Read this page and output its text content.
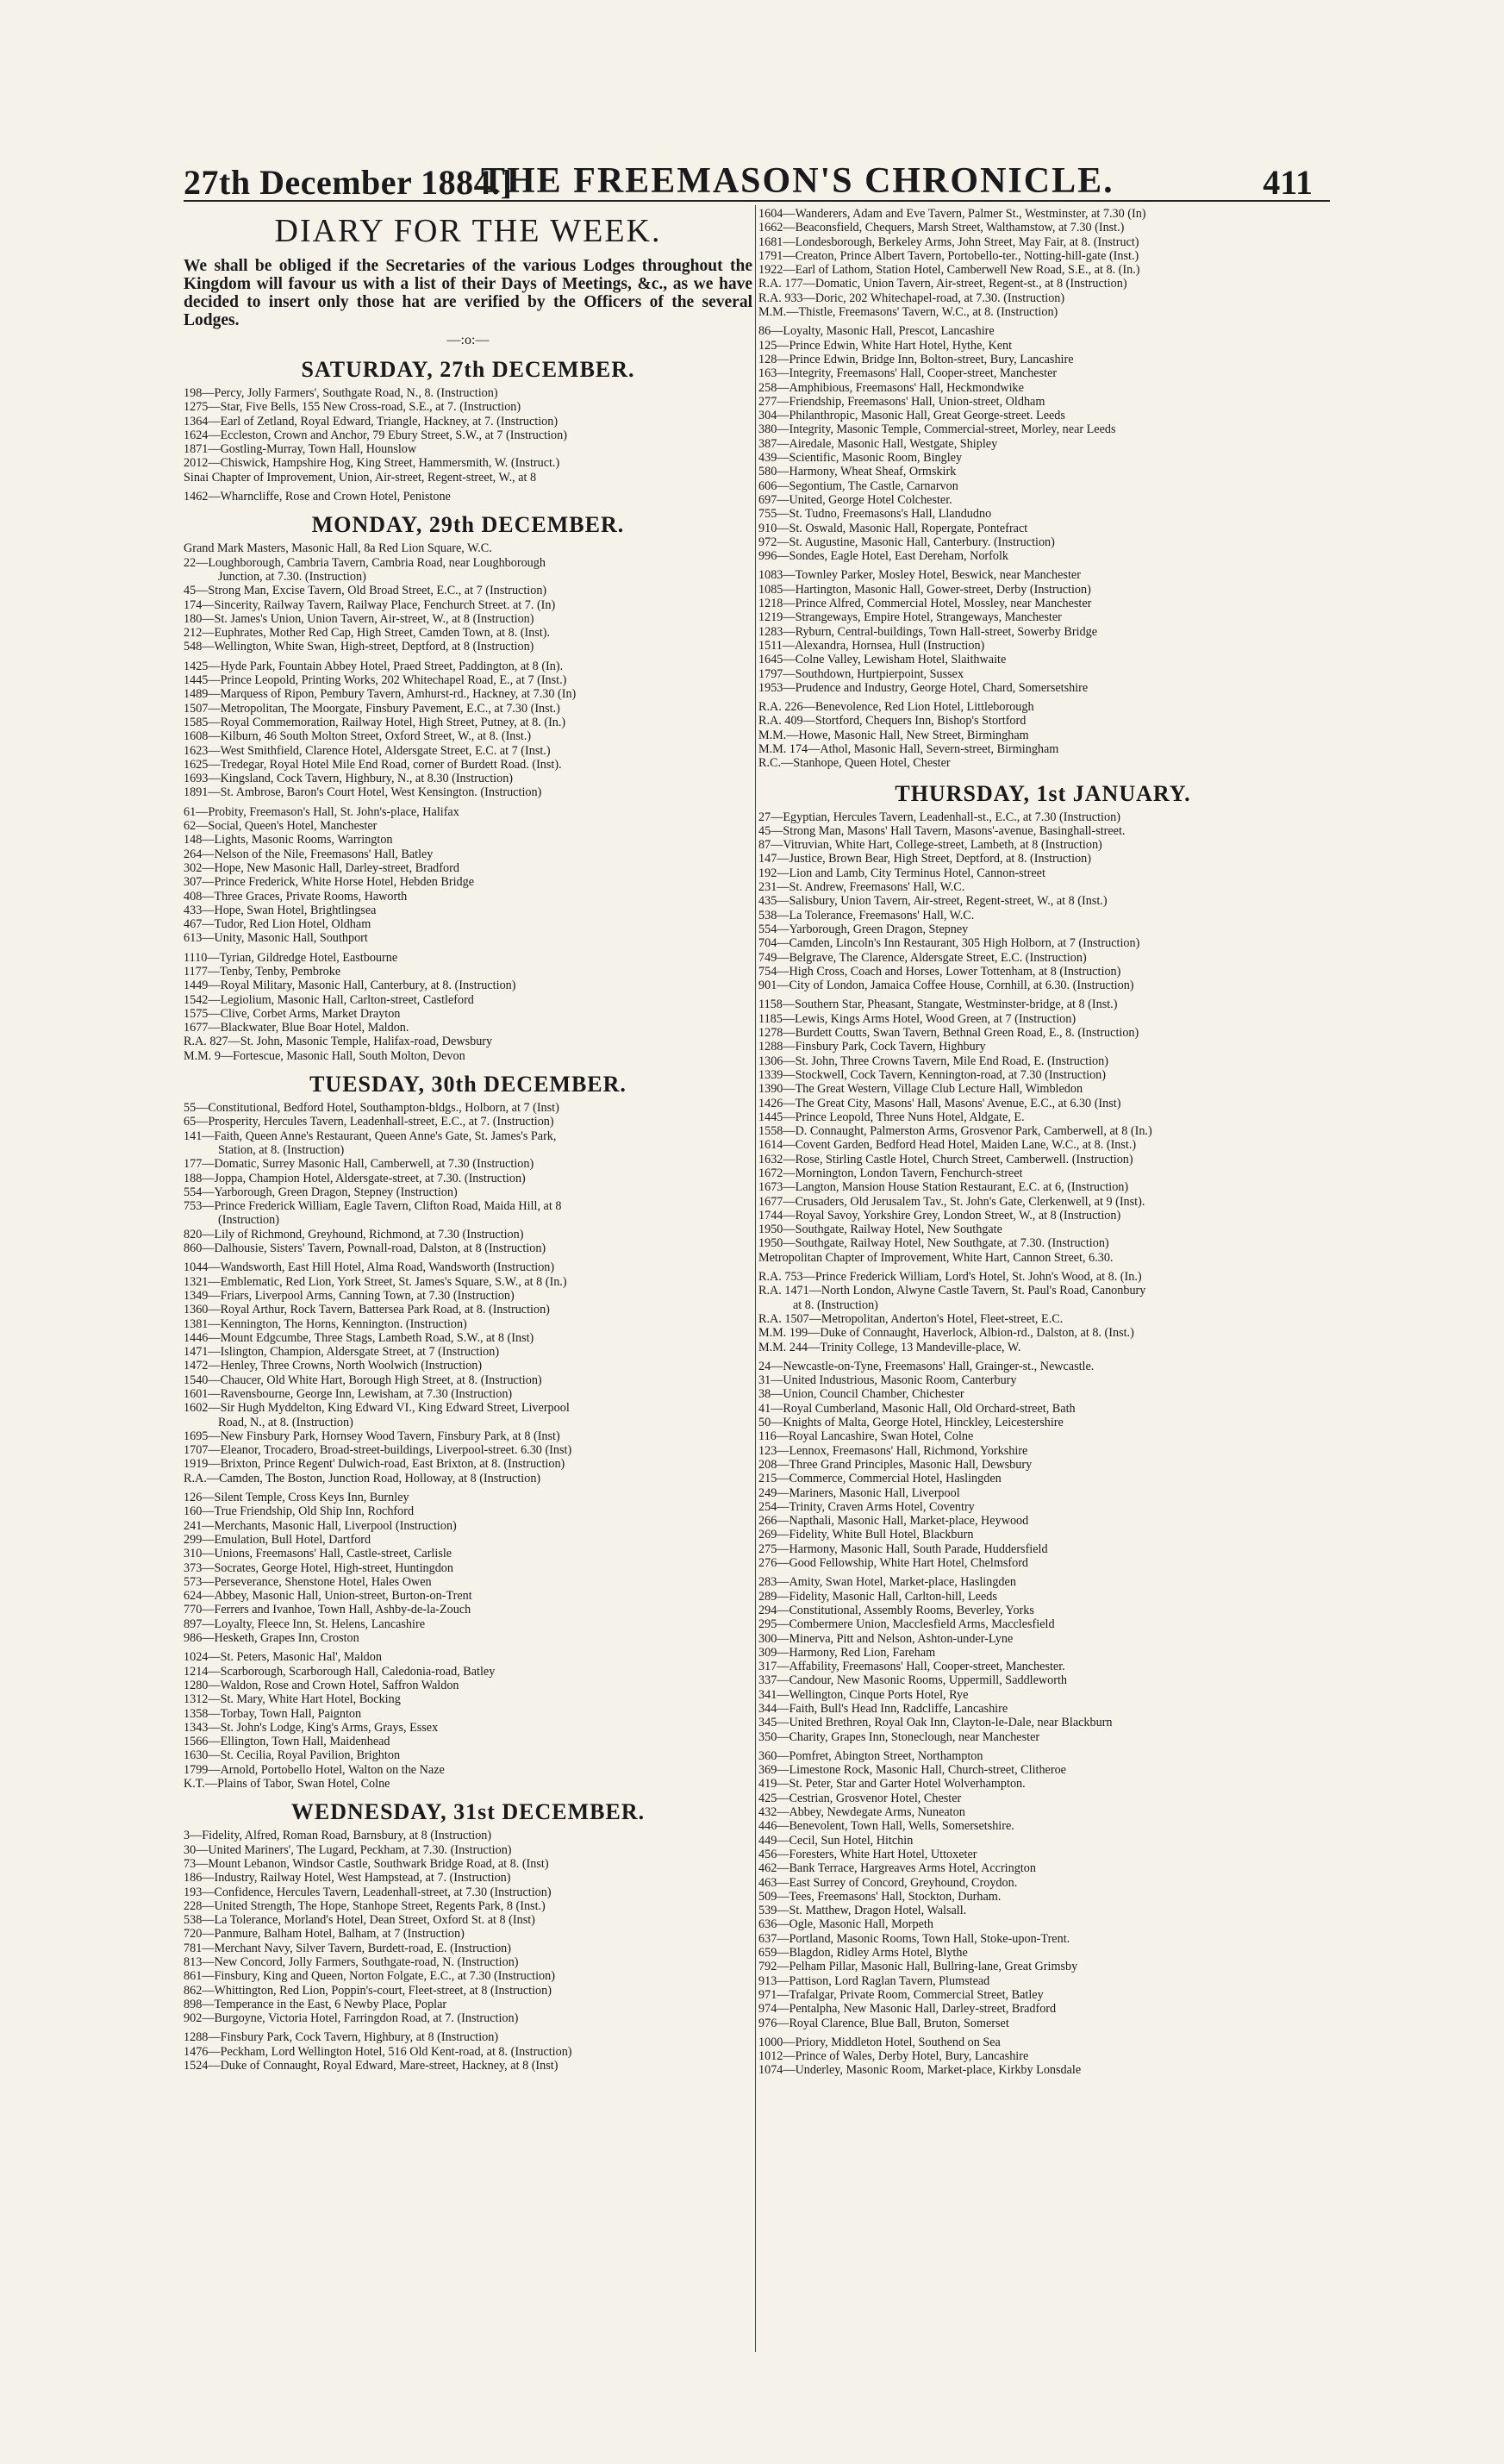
27th December 1884.]
THE FREEMASON'S CHRONICLE.	411
DIARY FOR THE WEEK.

We shall be obliged if the Secretaries of the various Lodges throughout the Kingdom will favour us with a list of their Days of Meetings, &c., as we have decided to insert only those hat are verified by the Officers of the several Lodges.

—:o:—
SATURDAY, 27th DECEMBER.
198—Percy, Jolly Farmers', Southgate Road, N., 8. (Instruction)
1275—Star, Five Bells, 155 New Cross-road, S.E., at 7. (Instruction)
1364—Earl of Zetland, Royal Edward, Triangle, Hackney, at 7. (Instruction)
1624—Eccleston, Crown and Anchor, 79 Ebury Street, S.W., at 7 (Instruction)
1871—Gostling-Murray, Town Hall, Hounslow
2012—Chiswick, Hampshire Hog, King Street, Hammersmith, W. (Instruct.)
Sinai Chapter of Improvement, Union, Air-street, Regent-street, W., at 8
1462—Wharncliffe, Rose and Crown Hotel, Penistone
MONDAY, 29th DECEMBER.
Grand Mark Masters, Masonic Hall, 8a Red Lion Square, W.C.
22—Loughborough, Cambria Tavern, Cambria Road, near Loughborough
Junction, at 7.30. (Instruction)
45—Strong Man, Excise Tavern, Old Broad Street, E.C., at 7 (Instruction)
174—Sincerity, Railway Tavern, Railway Place, Fenchurch Street. at 7. (In)
180—St. James's Union, Union Tavern, Air-street, W., at 8 (Instruction)
212—Euphrates, Mother Red Cap, High Street, Camden Town, at 8. (Inst).
548—Wellington, White Swan, High-street, Deptford, at 8 (Instruction)
1425—Hyde Park, Fountain Abbey Hotel, Praed Street, Paddington, at 8 (In).
1445—Prince Leopold, Printing Works, 202 Whitechapel Road, E., at 7 (Inst.)
1489—Marquess of Ripon, Pembury Tavern, Amhurst-rd., Hackney, at 7.30 (In)
1507—Metropolitan, The Moorgate, Finsbury Pavement, E.C., at 7.30 (Inst.)
1585—Royal Commemoration, Railway Hotel, High Street, Putney, at 8. (In.)
1608—Kilburn, 46 South Molton Street, Oxford Street, W., at 8. (Inst.)
1623—West Smithfield, Clarence Hotel, Aldersgate Street, E.C. at 7 (Inst.)
1625—Tredegar, Royal Hotel Mile End Road, corner of Burdett Road. (Inst).
1693—Kingsland, Cock Tavern, Highbury, N., at 8.30 (Instruction)
1891—St. Ambrose, Baron's Court Hotel, West Kensington. (Instruction)
61—Probity, Freemason's Hall, St. John's-place, Halifax
62—Social, Queen's Hotel, Manchester
148—Lights, Masonic Rooms, Warrington
264—Nelson of the Nile, Freemasons' Hall, Batley
302—Hope, New Masonic Hall, Darley-street, Bradford
307—Prince Frederick, White Horse Hotel, Hebden Bridge
408—Three Graces, Private Rooms, Haworth
433—Hope, Swan Hotel, Brightlingsea
467—Tudor, Red Lion Hotel, Oldham
613—Unity, Masonic Hall, Southport
1110—Tyrian, Gildredge Hotel, Eastbourne
1177—Tenby, Tenby, Pembroke
1449—Royal Military, Masonic Hall, Canterbury, at 8. (Instruction)
1542—Legiolium, Masonic Hall, Carlton-street, Castleford
1575—Clive, Corbet Arms, Market Drayton
1677—Blackwater, Blue Boar Hotel, Maldon.
R.A. 827—St. John, Masonic Temple, Halifax-road, Dewsbury
M.M. 9—Fortescue, Masonic Hall, South Molton, Devon
TUESDAY, 30th DECEMBER.
55—Constitutional, Bedford Hotel, Southampton-bldgs., Holborn, at 7 (Inst)
65—Prosperity, Hercules Tavern, Leadenhall-street, E.C., at 7. (Instruction)
141—Faith, Queen Anne's Restaurant, Queen Anne's Gate, St. James's Park,
Station, at 8. (Instruction)
177—Domatic, Surrey Masonic Hall, Camberwell, at 7.30 (Instruction)
188—Joppa, Champion Hotel, Aldersgate-street, at 7.30. (Instruction)
554—Yarborough, Green Dragon, Stepney (Instruction)
753—Prince Frederick William, Eagle Tavern, Clifton Road, Maida Hill, at 8
(Instruction)
820—Lily of Richmond, Greyhound, Richmond, at 7.30 (Instruction)
860—Dalhousie, Sisters' Tavern, Pownall-road, Dalston, at 8 (Instruction)
1044—Wandsworth, East Hill Hotel, Alma Road, Wandsworth (Instruction)
1321—Emblematic, Red Lion, York Street, St. James's Square, S.W., at 8 (In.)
1349—Friars, Liverpool Arms, Canning Town, at 7.30 (Instruction)
1360—Royal Arthur, Rock Tavern, Battersea Park Road, at 8. (Instruction)
1381—Kennington, The Horns, Kennington. (Instruction)
1446—Mount Edgcumbe, Three Stags, Lambeth Road, S.W., at 8 (Inst)
1471—Islington, Champion, Aldersgate Street, at 7 (Instruction)
1472—Henley, Three Crowns, North Woolwich (Instruction)
1540—Chaucer, Old White Hart, Borough High Street, at 8. (Instruction)
1601—Ravensbourne, George Inn, Lewisham, at 7.30 (Instruction)
1602—Sir Hugh Myddelton, King Edward VI., King Edward Street, Liverpool
Road, N., at 8. (Instruction)
1695—New Finsbury Park, Hornsey Wood Tavern, Finsbury Park, at 8 (Inst)
1707—Eleanor, Trocadero, Broad-street-buildings, Liverpool-street. 6.30 (Inst)
1919—Brixton, Prince Regent' Dulwich-road, East Brixton, at 8. (Instruction)
R.A.—Camden, The Boston, Junction Road, Holloway, at 8 (Instruction)
126—Silent Temple, Cross Keys Inn, Burnley
160—True Friendship, Old Ship Inn, Rochford
241—Merchants, Masonic Hall, Liverpool (Instruction)
299—Emulation, Bull Hotel, Dartford
310—Unions, Freemasons' Hall, Castle-street, Carlisle
373—Socrates, George Hotel, High-street, Huntingdon
573—Perseverance, Shenstone Hotel, Hales Owen
624—Abbey, Masonic Hall, Union-street, Burton-on-Trent
770—Ferrers and Ivanhoe, Town Hall, Ashby-de-la-Zouch
897—Loyalty, Fleece Inn, St. Helens, Lancashire
986—Hesketh, Grapes Inn, Croston
1024—St. Peters, Masonic Hal', Maldon
1214—Scarborough, Scarborough Hall, Caledonia-road, Batley
1280—Waldon, Rose and Crown Hotel, Saffron Waldon
1312—St. Mary, White Hart Hotel, Bocking
1358—Torbay, Town Hall, Paignton
1343—St. John's Lodge, King's Arms, Grays, Essex
1566—Ellington, Town Hall, Maidenhead
1630—St. Cecilia, Royal Pavilion, Brighton
1799—Arnold, Portobello Hotel, Walton on the Naze
K.T.—Plains of Tabor, Swan Hotel, Colne
WEDNESDAY, 31st DECEMBER.
3—Fidelity, Alfred, Roman Road, Barnsbury, at 8 (Instruction)
30—United Mariners', The Lugard, Peckham, at 7.30. (Instruction)
73—Mount Lebanon, Windsor Castle, Southwark Bridge Road, at 8. (Inst)
186—Industry, Railway Hotel, West Hampstead, at 7. (Instruction)
193—Confidence, Hercules Tavern, Leadenhall-street, at 7.30 (Instruction)
228—United Strength, The Hope, Stanhope Street, Regents Park, 8 (Inst.)
538—La Tolerance, Morland's Hotel, Dean Street, Oxford St. at 8 (Inst)
720—Panmure, Balham Hotel, Balham, at 7 (Instruction)
781—Merchant Navy, Silver Tavern, Burdett-road, E. (Instruction)
813—New Concord, Jolly Farmers, Southgate-road, N. (Instruction)
861—Finsbury, King and Queen, Norton Folgate, E.C., at 7.30 (Instruction)
862—Whittington, Red Lion, Poppin's-court, Fleet-street, at 8 (Instruction)
898—Temperance in the East, 6 Newby Place, Poplar
902—Burgoyne, Victoria Hotel, Farringdon Road, at 7. (Instruction)
1288—Finsbury Park, Cock Tavern, Highbury, at 8 (Instruction)
1476—Peckham, Lord Wellington Hotel, 516 Old Kent-road, at 8. (Instruction)
1524—Duke of Connaught, Royal Edward, Mare-street, Hackney, at 8 (Inst)
1604—Wanderers, Adam and Eve Tavern, Palmer St., Westminster, at 7.30 (In)
1662—Beaconsfield, Chequers, Marsh Street, Walthamstow, at 7.30 (Inst.)
1681—Londesborough, Berkeley Arms, John Street, May Fair, at 8. (Instruct)
1791—Creaton, Prince Albert Tavern, Portobello-ter., Notting-hill-gate (Inst.)
1922—Earl of Lathom, Station Hotel, Camberwell New Road, S.E., at 8. (In.)
R.A. 177—Domatic, Union Tavern, Air-street, Regent-st., at 8 (Instruction)
R.A. 933—Doric, 202 Whitechapel-road, at 7.30. (Instruction)
M.M.—Thistle, Freemasons' Tavern, W.C., at 8. (Instruction)
86—Loyalty, Masonic Hall, Prescot, Lancashire
125—Prince Edwin, White Hart Hotel, Hythe, Kent
128—Prince Edwin, Bridge Inn, Bolton-street, Bury, Lancashire
163—Integrity, Freemasons' Hall, Cooper-street, Manchester
258—Amphibious, Freemasons' Hall, Heckmondwike
277—Friendship, Freemasons' Hall, Union-street, Oldham
304—Philanthropic, Masonic Hall, Great George-street. Leeds
380—Integrity, Masonic Temple, Commercial-street, Morley, near Leeds
387—Airedale, Masonic Hall, Westgate, Shipley
439—Scientific, Masonic Room, Bingley
580—Harmony, Wheat Sheaf, Ormskirk
606—Segontium, The Castle, Carnarvon
697—United, George Hotel Colchester.
755—St. Tudno, Freemasons's Hall, Llandudno
910—St. Oswald, Masonic Hall, Ropergate, Pontefract
972—St. Augustine, Masonic Hall, Canterbury. (Instruction)
996—Sondes, Eagle Hotel, East Dereham, Norfolk
1083—Townley Parker, Mosley Hotel, Beswick, near Manchester
1085—Hartington, Masonic Hall, Gower-street, Derby (Instruction)
1218—Prince Alfred, Commercial Hotel, Mossley, near Manchester
1219—Strangeways, Empire Hotel, Strangeways, Manchester
1283—Ryburn, Central-buildings, Town Hall-street, Sowerby Bridge
1511—Alexandra, Hornsea, Hull (Instruction)
1645—Colne Valley, Lewisham Hotel, Slaithwaite
1797—Southdown, Hurtpierpoint, Sussex
1953—Prudence and Industry, George Hotel, Chard, Somersetshire
R.A. 226—Benevolence, Red Lion Hotel, Littleborough
R.A. 409—Stortford, Chequers Inn, Bishop's Stortford
M.M.—Howe, Masonic Hall, New Street, Birmingham
M.M. 174—Athol, Masonic Hall, Severn-street, Birmingham
R.C.—Stanhope, Queen Hotel, Chester
THURSDAY, 1st JANUARY.
27—Egyptian, Hercules Tavern, Leadenhall-st., E.C., at 7.30 (Instruction)
45—Strong Man, Masons' Hall Tavern, Masons'-avenue, Basinghall-street.
87—Vitruvian, White Hart, College-street, Lambeth, at 8 (Instruction)
147—Justice, Brown Bear, High Street, Deptford, at 8. (Instruction)
192—Lion and Lamb, City Terminus Hotel, Cannon-street
231—St. Andrew, Freemasons' Hall, W.C.
435—Salisbury, Union Tavern, Air-street, Regent-street, W., at 8 (Inst.)
538—La Tolerance, Freemasons' Hall, W.C.
554—Yarborough, Green Dragon, Stepney
704—Camden, Lincoln's Inn Restaurant, 305 High Holborn, at 7 (Instruction)
749—Belgrave, The Clarence, Aldersgate Street, E.C. (Instruction)
754—High Cross, Coach and Horses, Lower Tottenham, at 8 (Instruction)
901—City of London, Jamaica Coffee House, Cornhill, at 6.30. (Instruction)
1158—Southern Star, Pheasant, Stangate, Westminster-bridge, at 8 (Inst.)
1185—Lewis, Kings Arms Hotel, Wood Green, at 7 (Instruction)
1278—Burdett Coutts, Swan Tavern, Bethnal Green Road, E., 8. (Instruction)
1288—Finsbury Park, Cock Tavern, Highbury
1306—St. John, Three Crowns Tavern, Mile End Road, E. (Instruction)
1339—Stockwell, Cock Tavern, Kennington-road, at 7.30 (Instruction)
1390—The Great Western, Village Club Lecture Hall, Wimbledon
1426—The Great City, Masons' Hall, Masons' Avenue, E.C., at 6.30 (Inst)
1445—Prince Leopold, Three Nuns Hotel, Aldgate, E.
1558—D. Connaught, Palmerston Arms, Grosvenor Park, Camberwell, at 8 (In.)
1614—Covent Garden, Bedford Head Hotel, Maiden Lane, W.C., at 8. (Inst.)
1632—Rose, Stirling Castle Hotel, Church Street, Camberwell. (Instruction)
1672—Mornington, London Tavern, Fenchurch-street
1673—Langton, Mansion House Station Restaurant, E.C. at 6, (Instruction)
1677—Crusaders, Old Jerusalem Tav., St. John's Gate, Clerkenwell, at 9 (Inst).
1744—Royal Savoy, Yorkshire Grey, London Street, W., at 8 (Instruction)
1950—Southgate, Railway Hotel, New Southgate
1950—Southgate, Railway Hotel, New Southgate, at 7.30. (Instruction)
Metropolitan Chapter of Improvement, White Hart, Cannon Street, 6.30.
R.A. 753—Prince Frederick William, Lord's Hotel, St. John's Wood, at 8. (In.)
R.A. 1471—North London, Alwyne Castle Tavern, St. Paul's Road, Canonbury
at 8. (Instruction)
R.A. 1507—Metropolitan, Anderton's Hotel, Fleet-street, E.C.
M.M. 199—Duke of Connaught, Haverlock, Albion-rd., Dalston, at 8. (Inst.)
M.M. 244—Trinity College, 13 Mandeville-place, W.
24—Newcastle-on-Tyne, Freemasons' Hall, Grainger-st., Newcastle.
31—United Industrious, Masonic Room, Canterbury
38—Union, Council Chamber, Chichester
41—Royal Cumberland, Masonic Hall, Old Orchard-street, Bath
50—Knights of Malta, George Hotel, Hinckley, Leicestershire
116—Royal Lancashire, Swan Hotel, Colne
123—Lennox, Freemasons' Hall, Richmond, Yorkshire
208—Three Grand Principles, Masonic Hall, Dewsbury
215—Commerce, Commercial Hotel, Haslingden
249—Mariners, Masonic Hall, Liverpool
254—Trinity, Craven Arms Hotel, Coventry
266—Napthali, Masonic Hall, Market-place, Heywood
269—Fidelity, White Bull Hotel, Blackburn
275—Harmony, Masonic Hall, South Parade, Huddersfield
276—Good Fellowship, White Hart Hotel, Chelmsford
283—Amity, Swan Hotel, Market-place, Haslingden
289—Fidelity, Masonic Hall, Carlton-hill, Leeds
294—Constitutional, Assembly Rooms, Beverley, Yorks
295—Combermere Union, Macclesfield Arms, Macclesfield
300—Minerva, Pitt and Nelson, Ashton-under-Lyne
309—Harmony, Red Lion, Fareham
317—Affability, Freemasons' Hall, Cooper-street, Manchester.
337—Candour, New Masonic Rooms, Uppermill, Saddleworth
341—Wellington, Cinque Ports Hotel, Rye
344—Faith, Bull's Head Inn, Radcliffe, Lancashire
345—United Brethren, Royal Oak Inn, Clayton-le-Dale, near Blackburn
350—Charity, Grapes Inn, Stoneclough, near Manchester
360—Pomfret, Abington Street, Northampton
369—Limestone Rock, Masonic Hall, Church-street, Clitheroe
419—St. Peter, Star and Garter Hotel Wolverhampton.
425—Cestrian, Grosvenor Hotel, Chester
432—Abbey, Newdegate Arms, Nuneaton
446—Benevolent, Town Hall, Wells, Somersetshire.
449—Cecil, Sun Hotel, Hitchin
456—Foresters, White Hart Hotel, Uttoxeter
462—Bank Terrace, Hargreaves Arms Hotel, Accrington
463—East Surrey of Concord, Greyhound, Croydon.
509—Tees, Freemasons' Hall, Stockton, Durham.
539—St. Matthew, Dragon Hotel, Walsall.
636—Ogle, Masonic Hall, Morpeth
637—Portland, Masonic Rooms, Town Hall, Stoke-upon-Trent.
659—Blagdon, Ridley Arms Hotel, Blythe
792—Pelham Pillar, Masonic Hall, Bullring-lane, Great Grimsby
913—Pattison, Lord Raglan Tavern, Plumstead
971—Trafalgar, Private Room, Commercial Street, Batley
974—Pentalpha, New Masonic Hall, Darley-street, Bradford
976—Royal Clarence, Blue Ball, Bruton, Somerset
1000—Priory, Middleton Hotel, Southend on Sea
1012—Prince of Wales, Derby Hotel, Bury, Lancashire
1074—Underley, Masonic Room, Market-place, Kirkby Lonsdale
